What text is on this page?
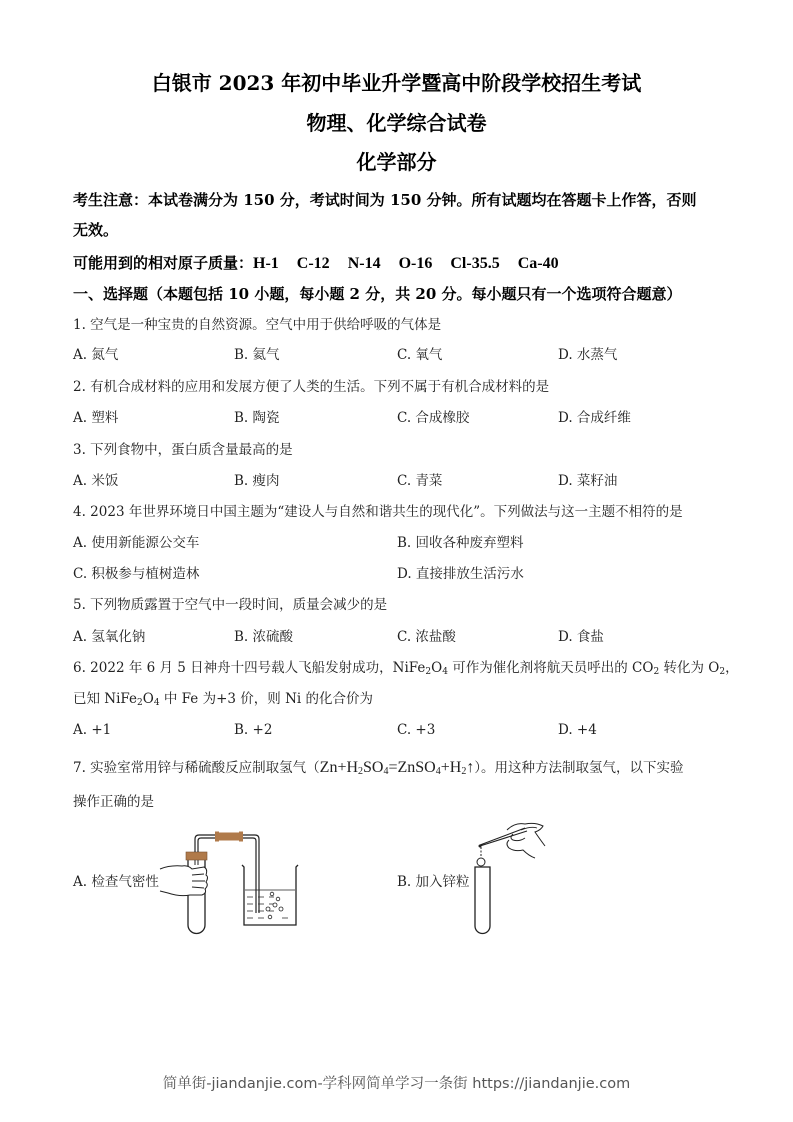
白银市 2023 年初中毕业升学暨高中阶段学校招生考试
物理、化学综合试卷
化学部分
考生注意：本试卷满分为 150 分，考试时间为 150 分钟。所有试题均在答题卡上作答，否则
无效。
可能用到的相对原子质量：H-1 C-12 N-14 O-16 Cl-35.5 Ca-40
一、选择题（本题包括 10 小题，每小题 2 分，共 20 分。每小题只有一个选项符合题意）
1. 空气是一种宝贵的自然资源。空气中用于供给呼吸的气体是
A. 氮气	B. 氦气	C. 氧气	D. 水蒸气
2. 有机合成材料的应用和发展方便了人类的生活。下列不属于有机合成材料的是
A. 塑料	B. 陶瓷	C. 合成橡胶	D. 合成纤维
3. 下列食物中，蛋白质含量最高的是
A. 米饭	B. 瘦肉	C. 青菜	D. 菜籽油
4. 2023 年世界环境日中国主题为“建设人与自然和谐共生的现代化”。下列做法与这一主题不相符的是
A. 使用新能源公交车	B. 回收各种废弃塑料
C. 积极参与植树造林	D. 直接排放生活污水
5. 下列物质露置于空气中一段时间，质量会减少的是
A. 氢氧化钠	B. 浓硫酸	C. 浓盐酸	D. 食盐
6. 2022 年 6 月 5 日神舟十四号载人飞船发射成功，$NiFe_2O_4$ 可作为催化剂将航天员呼出的 $CO_2$ 转化为 $O_2$，
已知 $NiFe_2O_4$ 中 Fe 为+3 价，则 Ni 的化合价为
A. +1	B. +2	C. +3	D. +4
7. 实验室常用锌与稀硫酸反应制取氢气$(Zn+H_2SO_4=ZnSO_4+H_2↑)$。用这种方法制取氢气，以下实验
操作正确的是
A. 检查气密性	B. 加入锌粒
简单街-jiandanjie.com-学科网简单学习一条街 https://jiandanjie.com
